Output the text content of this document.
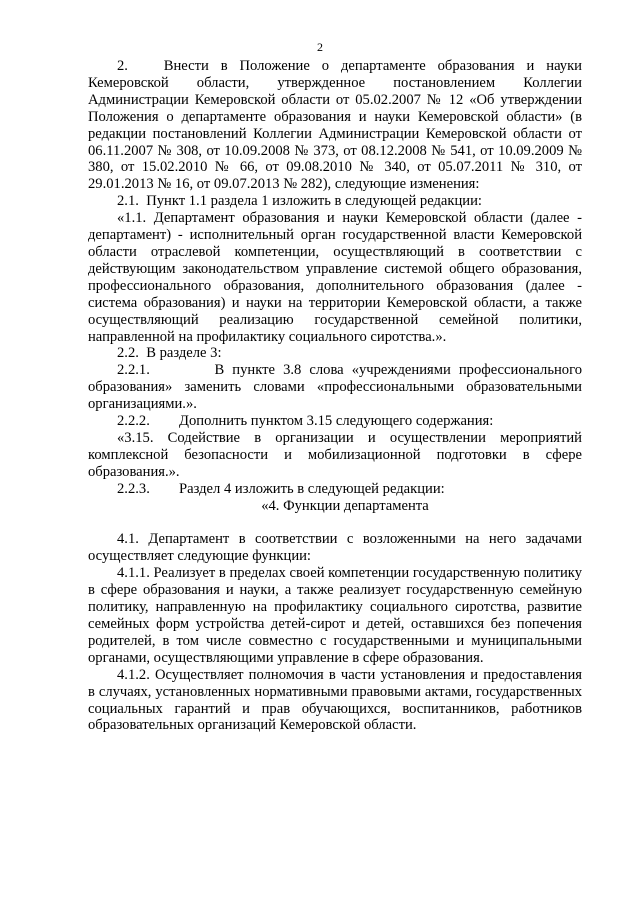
2

2.   Внести в Положение о департаменте образования и науки Кемеровской области, утвержденное постановлением Коллегии Администрации Кемеровской области от 05.02.2007 № 12 «Об утверждении Положения о департаменте образования и науки Кемеровской области» (в редакции постановлений Коллегии Администрации Кемеровской области от 06.11.2007 № 308, от 10.09.2008 № 373, от 08.12.2008 № 541, от 10.09.2009 № 380, от 15.02.2010 № 66, от 09.08.2010 № 340, от 05.07.2011 № 310, от 29.01.2013 № 16, от 09.07.2013 № 282), следующие изменения:

2.1.  Пункт 1.1 раздела 1 изложить в следующей редакции:

«1.1. Департамент образования и науки Кемеровской области (далее - департамент) - исполнительный орган государственной власти Кемеровской области отраслевой компетенции, осуществляющий в соответствии с действующим законодательством управление системой общего образования, профессионального образования, дополнительного образования (далее - система образования) и науки на территории Кемеровской области, а также осуществляющий реализацию государственной семейной политики, направленной на профилактику социального сиротства.».

2.2.  В разделе 3:

2.2.1.        В пункте 3.8 слова «учреждениями профессионального образования» заменить словами «профессиональными образовательными организациями.».

2.2.2.        Дополнить пунктом 3.15 следующего содержания:

«3.15. Содействие в организации и осуществлении мероприятий комплексной безопасности и мобилизационной подготовки в сфере образования.».

2.2.3.        Раздел 4 изложить в следующей редакции:

«4. Функции департамента

4.1. Департамент в соответствии с возложенными на него задачами осуществляет следующие функции:

4.1.1. Реализует в пределах своей компетенции государственную политику в сфере образования и науки, а также реализует государственную семейную политику, направленную на профилактику социального сиротства, развитие семейных форм устройства детей-сирот и детей, оставшихся без попечения родителей, в том числе совместно с государственными и муниципальными органами, осуществляющими управление в сфере образования.

4.1.2. Осуществляет полномочия в части установления и предоставления в случаях, установленных нормативными правовыми актами, государственных социальных гарантий и прав обучающихся, воспитанников, работников образовательных организаций Кемеровской области.
